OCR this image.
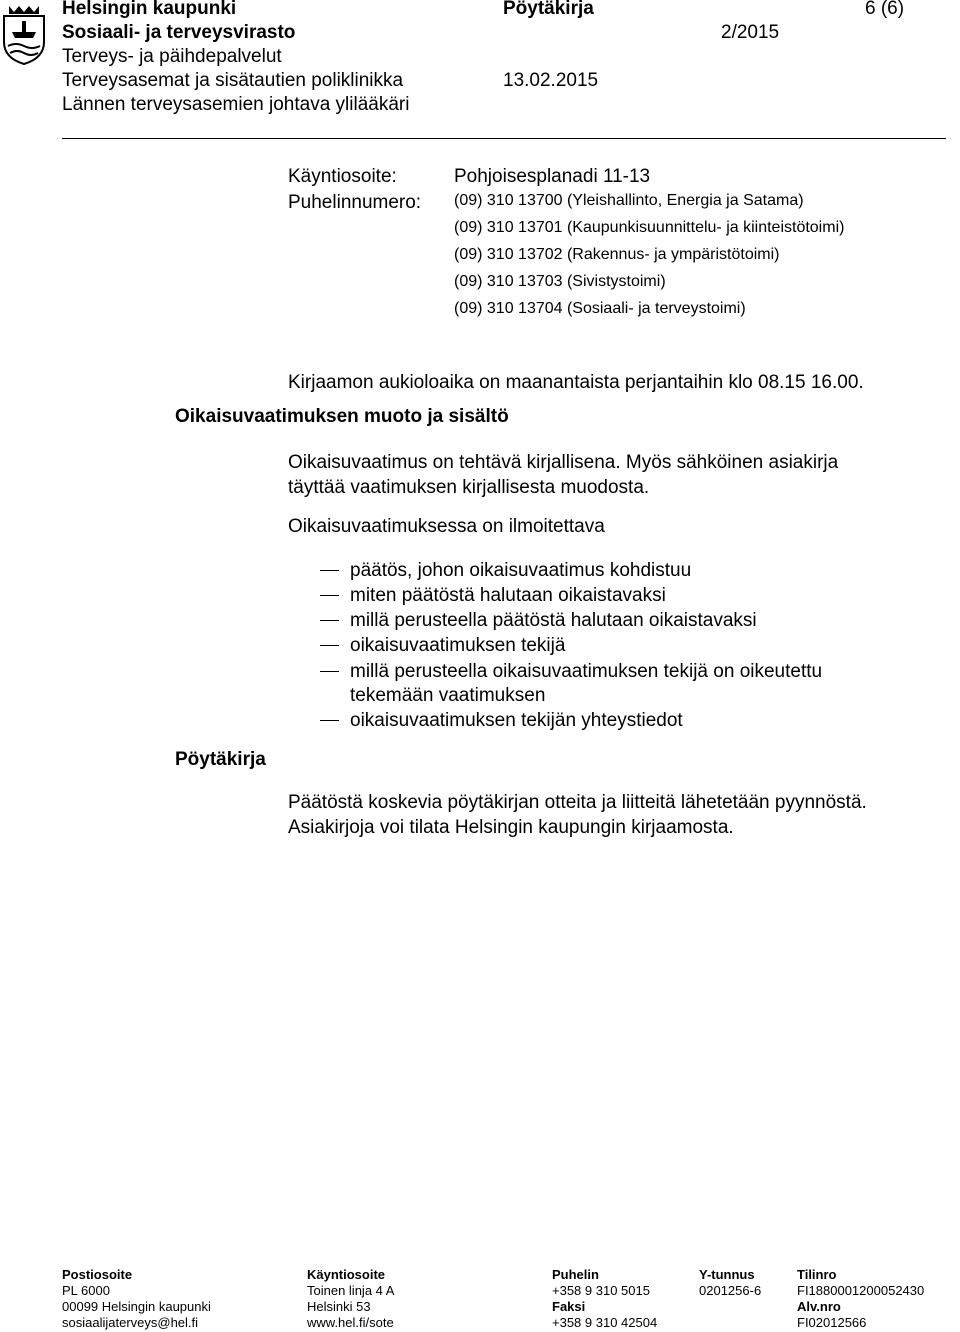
Helsingin kaupunki
Sosiaali- ja terveysvirasto
Terveys- ja päihdepalvelut
Terveysasemat ja sisätautien poliklinikka
Lännen terveysasemien johtava ylilääkäri
Pöytäkirja
2/2015
13.02.2015
6 (6)
Käyntiosoite:	Pohjoisesplanadi 11-13
Puhelinnumero: (09) 310 13700 (Yleishallinto, Energia ja Satama)
(09) 310 13701 (Kaupunkisuunnittelu- ja kiinteistötoimi)
(09) 310 13702 (Rakennus- ja ympäristötoimi)
(09) 310 13703 (Sivistystoimi)
(09) 310 13704 (Sosiaali- ja terveystoimi)
Kirjaamon aukioloaika on maanantaista perjantaihin klo 08.15 16.00.
Oikaisuvaatimuksen muoto ja sisältö
Oikaisuvaatimus on tehtävä kirjallisena. Myös sähköinen asiakirja
täyttää vaatimuksen kirjallisesta muodosta.
Oikaisuvaatimuksessa on ilmoitettava
päätös, johon oikaisuvaatimus kohdistuu
miten päätöstä halutaan oikaistavaksi
millä perusteella päätöstä halutaan oikaistavaksi
oikaisuvaatimuksen tekijä
millä perusteella oikaisuvaatimuksen tekijä on oikeutettu
tekemään vaatimuksen
oikaisuvaatimuksen tekijän yhteystiedot
Pöytäkirja
Päätöstä koskevia pöytäkirjan otteita ja liitteitä lähetetään pyynnöstä.
Asiakirjoja voi tilata Helsingin kaupungin kirjaamosta.
Postiosoite
PL 6000
00099 Helsingin kaupunki
sosiaalijaterveys@hel.fi
Käyntiosoite
Toinen linja 4 A
Helsinki 53
www.hel.fi/sote
Puhelin
+358 9 310 5015
Faksi
+358 9 310 42504
Y-tunnus
0201256-6
Tilinro
FI1880001200052430
Alv.nro
FI02012566
